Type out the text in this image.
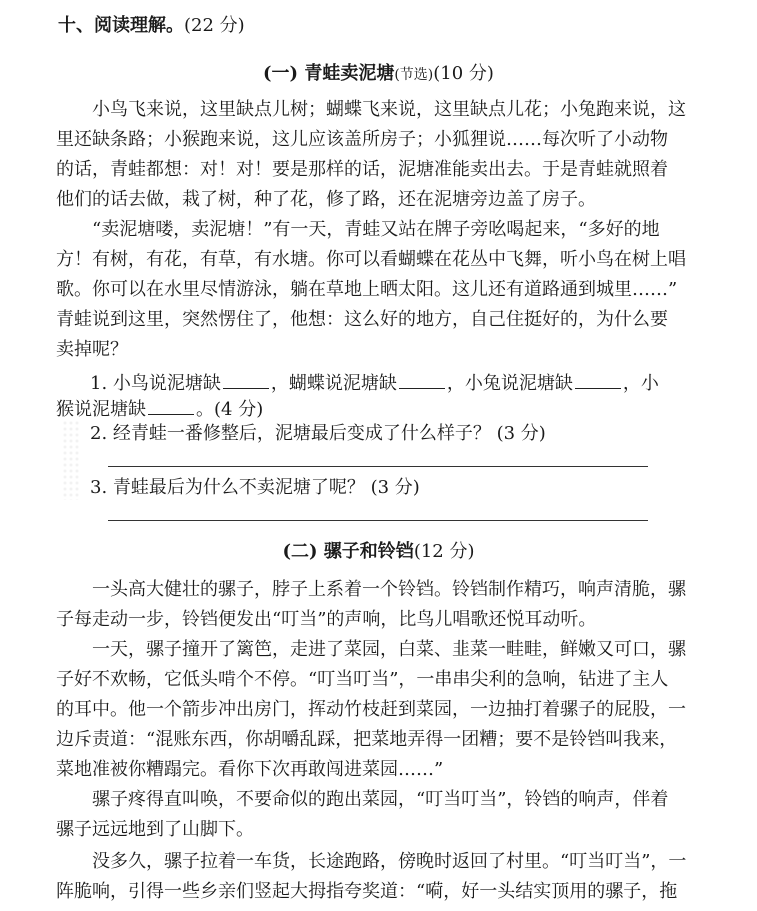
十、阅读理解。(22 分)
(一) 青蛙卖泥塘(节选)(10 分)
　　小鸟飞来说，这里缺点儿树；蝴蝶飞来说，这里缺点儿花；小兔跑来说，这
里还缺条路；小猴跑来说，这儿应该盖所房子；小狐狸说……每次听了小动物
的话，青蛙都想：对！对！要是那样的话，泥塘准能卖出去。于是青蛙就照着
他们的话去做，栽了树，种了花，修了路，还在泥塘旁边盖了房子。
　　“卖泥塘喽，卖泥塘！”有一天，青蛙又站在牌子旁吆喝起来，“多好的地
方！有树，有花，有草，有水塘。你可以看蝴蝶在花丛中飞舞，听小鸟在树上唱
歌。你可以在水里尽情游泳，躺在草地上晒太阳。这儿还有道路通到城里……”
青蛙说到这里，突然愣住了，他想：这么好的地方，自己住挺好的，为什么要
卖掉呢？
1. 小鸟说泥塘缺	，蝴蝶说泥塘缺	，小兔说泥塘缺	，小
猴说泥塘缺	。(4 分)
2. 经青蛙一番修整后，泥塘最后变成了什么样子？ (3 分)
3. 青蛙最后为什么不卖泥塘了呢？ (3 分)
(二) 骡子和铃铛(12 分)
　　一头高大健壮的骡子，脖子上系着一个铃铛。铃铛制作精巧，响声清脆，骡
子每走动一步，铃铛便发出“叮当”的声响，比鸟儿唱歌还悦耳动听。
　　一天，骡子撞开了篱笆，走进了菜园，白菜、韭菜一畦畦，鲜嫩又可口，骡
子好不欢畅，它低头啃个不停。“叮当叮当”，一串串尖利的急响，钻进了主人
的耳中。他一个箭步冲出房门，挥动竹枝赶到菜园，一边抽打着骡子的屁股，一
边斥责道：“混账东西，你胡嚼乱踩，把菜地弄得一团糟；要不是铃铛叫我来，
菜地准被你糟蹋完。看你下次再敢闯进菜园……”
　　骡子疼得直叫唤，不要命似的跑出菜园，“叮当叮当”，铃铛的响声，伴着
骡子远远地到了山脚下。
　　没多久，骡子拉着一车货，长途跑路，傍晚时返回了村里。“叮当叮当”，一
阵脆响，引得一些乡亲们竖起大拇指夸奖道：“嗬，好一头结实顶用的骡子，拖
